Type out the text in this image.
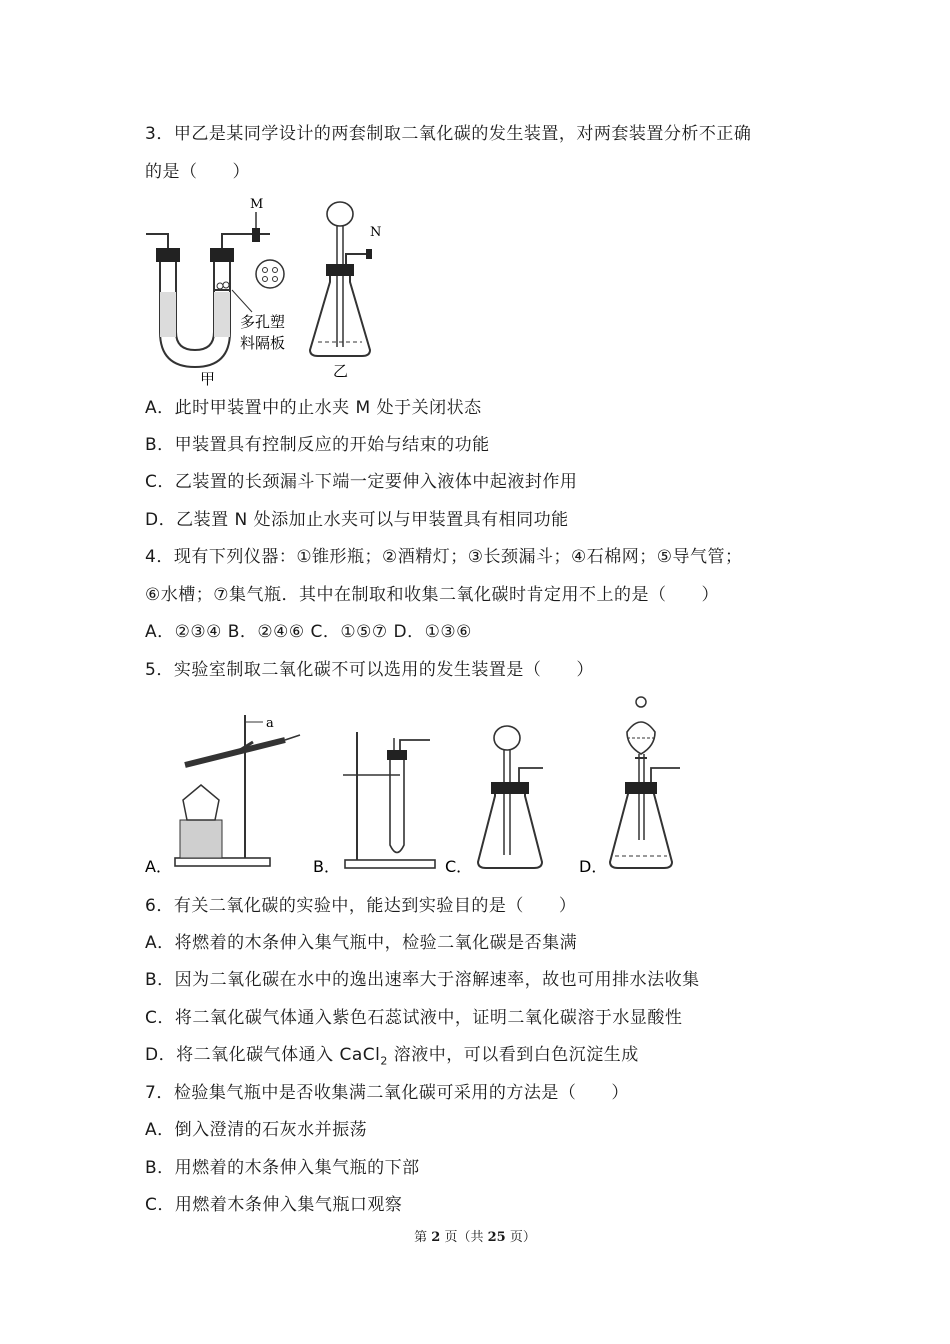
3．甲乙是某同学设计的两套制取二氧化碳的发生装置，对两套装置分析不正确
的是（　　）
M
多孔塑
料隔板
甲
N
乙
A．此时甲装置中的止水夹 M 处于关闭状态
B．甲装置具有控制反应的开始与结束的功能
C．乙装置的长颈漏斗下端一定要伸入液体中起液封作用
D．乙装置 N 处添加止水夹可以与甲装置具有相同功能
4．现有下列仪器：①锥形瓶；②酒精灯；③长颈漏斗；④石棉网；⑤导气管；
⑥水槽；⑦集气瓶．其中在制取和收集二氧化碳时肯定用不上的是（　　）
A．②③④ B．②④⑥ C．①⑤⑦ D．①③⑥
5．实验室制取二氧化碳不可以选用的发生装置是（　　）
a
A．	B．	C．	D．
6．有关二氧化碳的实验中，能达到实验目的是（　　）
A．将燃着的木条伸入集气瓶中，检验二氧化碳是否集满
B．因为二氧化碳在水中的逸出速率大于溶解速率，故也可用排水法收集
C．将二氧化碳气体通入紫色石蕊试液中，证明二氧化碳溶于水显酸性
D．将二氧化碳气体通入 CaCl$_2$ 溶液中，可以看到白色沉淀生成
7．检验集气瓶中是否收集满二氧化碳可采用的方法是（　　）
A．倒入澄清的石灰水并振荡
B．用燃着的木条伸入集气瓶的下部
C．用燃着木条伸入集气瓶口观察
第 2 页（共 25 页）
